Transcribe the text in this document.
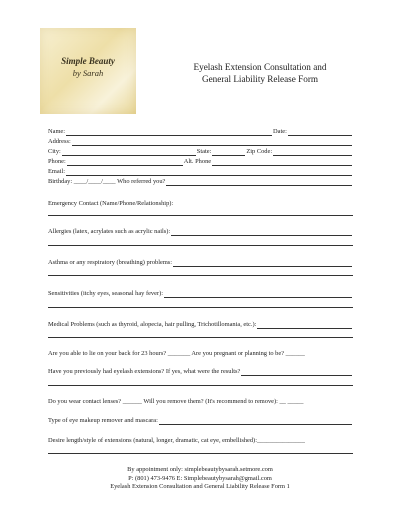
Simple Beauty
by Sarah
Eyelash Extension Consultation and
General Liability Release Form
Name:	Date:
Address:
City:	State:	Zip Code:
Phone:	Alt. Phone
Email:
Birthday: ____/____/____ Who referred you?
Emergency Contact (Name/Phone/Relationship):
Allergies (latex, acrylates such as acrylic nails):
Asthma or any respiratory (breathing) problems:
Sensitivities (itchy eyes, seasonal hay fever):
Medical Problems (such as thyroid, alopecia, hair pulling, Trichotillomania, etc.):
Are you able to lie on your back for 23 hours? _______ Are you pregnant or planning to be? ______
Have you previously had eyelash extensions? If yes, what were the results?
Do you wear contact lenses? ______ Will you remove them? (It's recommend to remove): __ _____
Type of eye makeup remover and mascara:
Desire length/style of extensions (natural, longer, dramatic, cat eye, embellished):_______________
By appointment only: simplebeautybysarah.setmore.com
P: (801) 473-9476 E: Simplebeautybysarah@gmail.com
Eyelash Extension Consultation and General Liability Release Form 1
